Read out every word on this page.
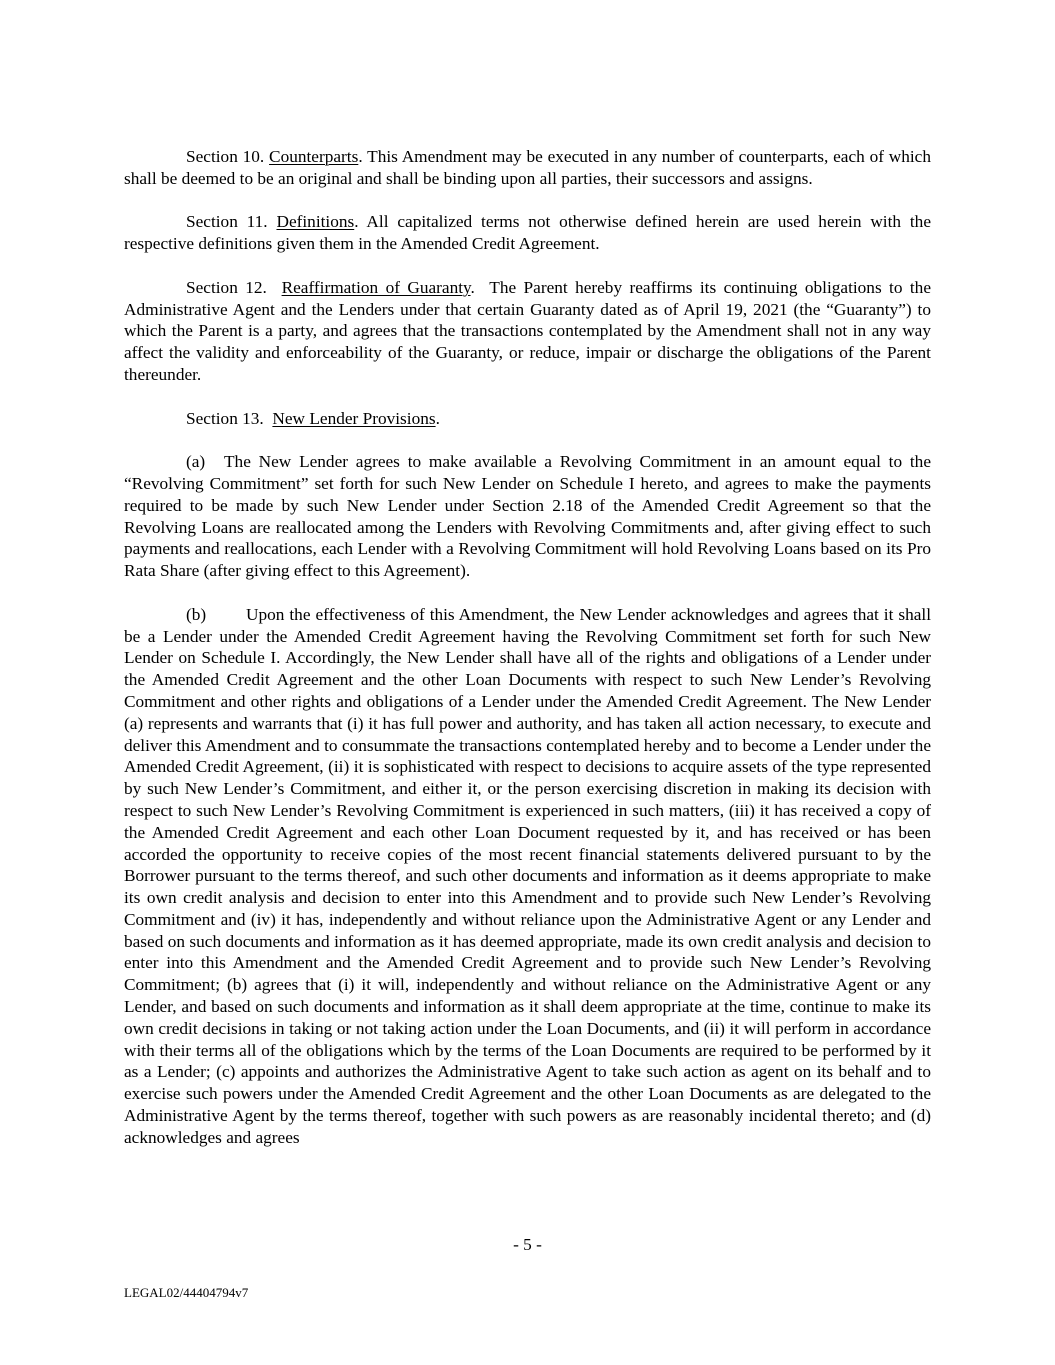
Section 10. Counterparts. This Amendment may be executed in any number of counterparts, each of which shall be deemed to be an original and shall be binding upon all parties, their successors and assigns.

Section 11. Definitions. All capitalized terms not otherwise defined herein are used herein with the respective definitions given them in the Amended Credit Agreement.

Section 12.  Reaffirmation of Guaranty.  The Parent hereby reaffirms its continuing obligations to the Administrative Agent and the Lenders under that certain Guaranty dated as of April 19, 2021 (the “Guaranty”) to which the Parent is a party, and agrees that the transactions contemplated by the Amendment shall not in any way affect the validity and enforceability of the Guaranty, or reduce, impair or discharge the obligations of the Parent thereunder.

Section 13.  New Lender Provisions.

(a) The New Lender agrees to make available a Revolving Commitment in an amount equal to the “Revolving Commitment” set forth for such New Lender on Schedule I hereto, and agrees to make the payments required to be made by such New Lender under Section 2.18 of the Amended Credit Agreement so that the Revolving Loans are reallocated among the Lenders with Revolving Commitments and, after giving effect to such payments and reallocations, each Lender with a Revolving Commitment will hold Revolving Loans based on its Pro Rata Share (after giving effect to this Agreement).

(b) Upon the effectiveness of this Amendment, the New Lender acknowledges and agrees that it shall be a Lender under the Amended Credit Agreement having the Revolving Commitment set forth for such New Lender on Schedule I. Accordingly, the New Lender shall have all of the rights and obligations of a Lender under the Amended Credit Agreement and the other Loan Documents with respect to such New Lender’s Revolving Commitment and other rights and obligations of a Lender under the Amended Credit Agreement. The New Lender (a) represents and warrants that (i) it has full power and authority, and has taken all action necessary, to execute and deliver this Amendment and to consummate the transactions contemplated hereby and to become a Lender under the Amended Credit Agreement, (ii) it is sophisticated with respect to decisions to acquire assets of the type represented by such New Lender’s Commitment, and either it, or the person exercising discretion in making its decision with respect to such New Lender’s Revolving Commitment is experienced in such matters, (iii) it has received a copy of the Amended Credit Agreement and each other Loan Document requested by it, and has received or has been accorded the opportunity to receive copies of the most recent financial statements delivered pursuant to by the Borrower pursuant to the terms thereof, and such other documents and information as it deems appropriate to make its own credit analysis and decision to enter into this Amendment and to provide such New Lender’s Revolving Commitment and (iv) it has, independently and without reliance upon the Administrative Agent or any Lender and based on such documents and information as it has deemed appropriate, made its own credit analysis and decision to enter into this Amendment and the Amended Credit Agreement and to provide such New Lender’s Revolving Commitment; (b) agrees that (i) it will, independently and without reliance on the Administrative Agent or any Lender, and based on such documents and information as it shall deem appropriate at the time, continue to make its own credit decisions in taking or not taking action under the Loan Documents, and (ii) it will perform in accordance with their terms all of the obligations which by the terms of the Loan Documents are required to be performed by it as a Lender; (c) appoints and authorizes the Administrative Agent to take such action as agent on its behalf and to exercise such powers under the Amended Credit Agreement and the other Loan Documents as are delegated to the Administrative Agent by the terms thereof, together with such powers as are reasonably incidental thereto; and (d) acknowledges and agrees

- 5 -
LEGAL02/44404794v7
